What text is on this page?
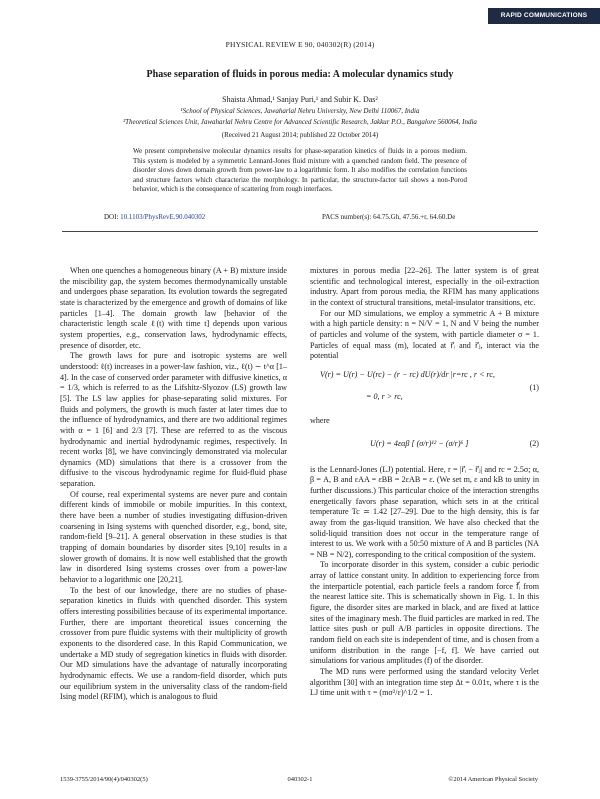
RAPID COMMUNICATIONS
PHYSICAL REVIEW E 90, 040302(R) (2014)
Phase separation of fluids in porous media: A molecular dynamics study
Shaista Ahmad,¹ Sanjay Puri,¹ and Subir K. Das²
¹School of Physical Sciences, Jawaharlal Nehru University, New Delhi 110067, India
²Theoretical Sciences Unit, Jawaharlal Nehru Centre for Advanced Scientific Research, Jakkur P.O., Bangalore 560064, India
(Received 21 August 2014; published 22 October 2014)
We present comprehensive molecular dynamics results for phase-separation kinetics of fluids in a porous medium. This system is modeled by a symmetric Lennard-Jones fluid mixture with a quenched random field. The presence of disorder slows down domain growth from power-law to a logarithmic form. It also modifies the correlation functions and structure factors which characterize the morphology. In particular, the structure-factor tail shows a non-Porod behavior, which is the consequence of scattering from rough interfaces.
DOI: 10.1103/PhysRevE.90.040302	PACS number(s): 64.75.Gh, 47.56.+r, 64.60.De

When one quenches a homogeneous binary (A + B) mixture inside the miscibility gap, the system becomes thermodynamically unstable and undergoes phase separation. Its evolution towards the segregated state is characterized by the emergence and growth of domains of like particles [1–4]. The domain growth law [behavior of the characteristic length scale ℓ(t) with time t] depends upon various system properties, e.g., conservation laws, hydrodynamic effects, presence of disorder, etc.

The growth laws for pure and isotropic systems are well understood: ℓ(t) increases in a power-law fashion, viz., ℓ(t) ∼ t^α [1–4]. In the case of conserved order parameter with diffusive kinetics, α = 1/3, which is referred to as the Lifshitz-Slyozov (LS) growth law [5]. The LS law applies for phase-separating solid mixtures. For fluids and polymers, the growth is much faster at later times due to the influence of hydrodynamics, and there are two additional regimes with α = 1 [6] and 2/3 [7]. These are referred to as the viscous hydrodynamic and inertial hydrodynamic regimes, respectively. In recent works [8], we have convincingly demonstrated via molecular dynamics (MD) simulations that there is a crossover from the diffusive to the viscous hydrodynamic regime for fluid-fluid phase separation.

Of course, real experimental systems are never pure and contain different kinds of immobile or mobile impurities. In this context, there have been a number of studies investigating diffusion-driven coarsening in Ising systems with quenched disorder, e.g., bond, site, random-field [9–21]. A general observation in these studies is that trapping of domain boundaries by disorder sites [9,10] results in a slower growth of domains. It is now well established that the growth law in disordered Ising systems crosses over from a power-law behavior to a logarithmic one [20,21].

To the best of our knowledge, there are no studies of phase-separation kinetics in fluids with quenched disorder. This system offers interesting possibilities because of its experimental importance. Further, there are important theoretical issues concerning the crossover from pure fluidic systems with their multiplicity of growth exponents to the disordered case. In this Rapid Communication, we undertake a MD study of segregation kinetics in fluids with disorder. Our MD simulations have the advantage of naturally incorporating hydrodynamic effects. We use a random-field disorder, which puts our equilibrium system in the universality class of the random-field Ising model (RFIM), which is analogous to fluid

mixtures in porous media [22–26]. The latter system is of great scientific and technological interest, especially in the oil-extraction industry. Apart from porous media, the RFIM has many applications in the context of structural transitions, metal-insulator transitions, etc.

For our MD simulations, we employ a symmetric A + B mixture with a high particle density: n = N/V = 1, N and V being the number of particles and volume of the system, with particle diameter σ = 1. Particles of equal mass (m), located at r⃗ᵢ and r⃗ⱼ, interact via the potential

V(r) = U(r) − U(rc) − (r − rc) dU(r)/dr |r=rc , r < rc,
= 0, r > rc,
(1)

where

U(r) = 4εαβ [ (σ/r)¹² − (σ/r)⁶ ]	(2)

is the Lennard-Jones (LJ) potential. Here, r = |r⃗ᵢ − r⃗ⱼ| and rc = 2.5σ; α, β = A, B and εAA = εBB = 2εAB = ε. (We set m, ε and kB to unity in further discussions.) This particular choice of the interaction strengths energetically favors phase separation, which sets in at the critical temperature Tc ≃ 1.42 [27–29]. Due to the high density, this is far away from the gas-liquid transition. We have also checked that the solid-liquid transition does not occur in the temperature range of interest to us. We work with a 50:50 mixture of A and B particles (NA = NB = N/2), corresponding to the critical composition of the system.

To incorporate disorder in this system, consider a cubic periodic array of lattice constant unity. In addition to experiencing force from the interparticle potential, each particle feels a random force f⃗ᵢ from the nearest lattice site. This is schematically shown in Fig. 1. In this figure, the disorder sites are marked in black, and are fixed at lattice sites of the imaginary mesh. The fluid particles are marked in red. The lattice sites push or pull A/B particles in opposite directions. The random field on each site is independent of time, and is chosen from a uniform distribution in the range [−f, f]. We have carried out simulations for various amplitudes (f) of the disorder.

The MD runs were performed using the standard velocity Verlet algorithm [30] with an integration time step Δt = 0.01τ, where τ is the LJ time unit with τ = (mσ²/ε)^1/2 = 1.

1539-3755/2014/90(4)/040302(5)	040302-1	©2014 American Physical Society
